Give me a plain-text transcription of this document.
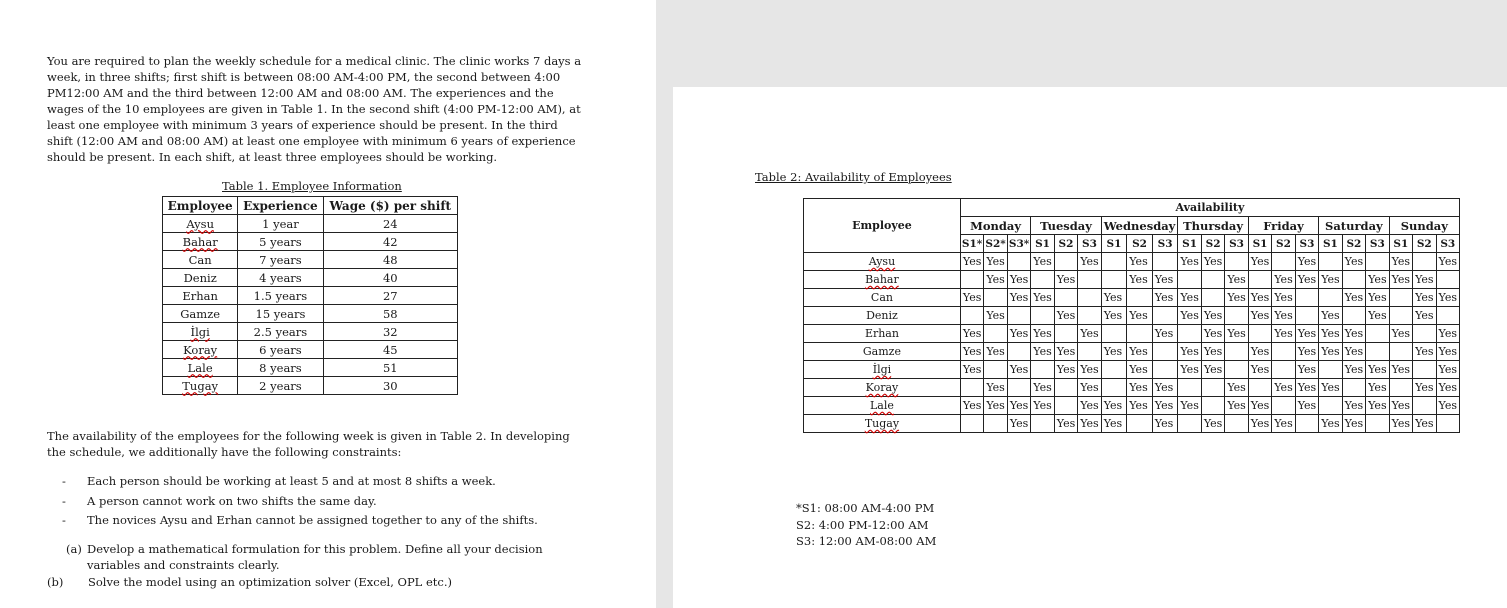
You are required to plan the weekly schedule for a medical clinic. The clinic works 7 days a week, in three shifts; first shift is between 08:00 AM-4:00 PM, the second between 4:00 PM12:00 AM and the third between 12:00 AM and 08:00 AM. The experiences and the wages of the 10 employees are given in Table 1. In the second shift (4:00 PM-12:00 AM), at least one employee with minimum 3 years of experience should be present. In the third shift (12:00 AM and 08:00 AM) at least one employee with minimum 6 years of experience should be present. In each shift, at least three employees should be working.

Table 1. Employee Information

Employee	Experience	Wage ($) per shift
Aysu	1 year	24
Bahar	5 years	42
Can	7 years	48
Deniz	4 years	40
Erhan	1.5 years	27
Gamze	15 years	58
İlgi	2.5 years	32
Koray	6 years	45
Lale	8 years	51
Tugay	2 years	30

The availability of the employees for the following week is given in Table 2. In developing the schedule, we additionally have the following constraints:

- Each person should be working at least 5 and at most 8 shifts a week.
- A person cannot work on two shifts the same day.
- The novices Aysu and Erhan cannot be assigned together to any of the shifts.

(a) Develop a mathematical formulation for this problem. Define all your decision variables and constraints clearly.

(b) Solve the model using an optimization solver (Excel, OPL etc.)

Table 2: Availability of Employees

Employee	Availability																				
	Monday			Tuesday			Wednesday			Thursday			Friday			Saturday			Sunday		
	S1*	S2*	S3*	S1	S2	S3	S1	S2	S3	S1	S2	S3	S1	S2	S3	S1	S2	S3	S1	S2	S3
Aysu	Yes	Yes		Yes		Yes		Yes		Yes	Yes		Yes		Yes		Yes		Yes		Yes
Bahar		Yes	Yes		Yes			Yes	Yes			Yes		Yes	Yes	Yes		Yes	Yes	Yes	
Can	Yes		Yes	Yes			Yes		Yes	Yes		Yes	Yes	Yes			Yes	Yes		Yes	Yes
Deniz		Yes			Yes		Yes	Yes		Yes	Yes		Yes	Yes		Yes		Yes		Yes	
Erhan	Yes		Yes	Yes		Yes			Yes		Yes	Yes		Yes	Yes	Yes	Yes		Yes		Yes
Gamze	Yes	Yes		Yes	Yes		Yes	Yes		Yes	Yes		Yes		Yes	Yes	Yes			Yes	Yes
İlgi	Yes		Yes		Yes	Yes		Yes		Yes	Yes		Yes		Yes		Yes	Yes	Yes		Yes
Koray		Yes		Yes		Yes		Yes	Yes			Yes		Yes	Yes	Yes		Yes		Yes	Yes
Lale	Yes	Yes	Yes	Yes		Yes	Yes	Yes	Yes	Yes		Yes	Yes		Yes		Yes	Yes	Yes		Yes
Tugay			Yes		Yes	Yes	Yes		Yes		Yes		Yes	Yes		Yes	Yes		Yes	Yes	
*S1: 08:00 AM-4:00 PM
S2: 4:00 PM-12:00 AM
S3: 12:00 AM-08:00 AM
